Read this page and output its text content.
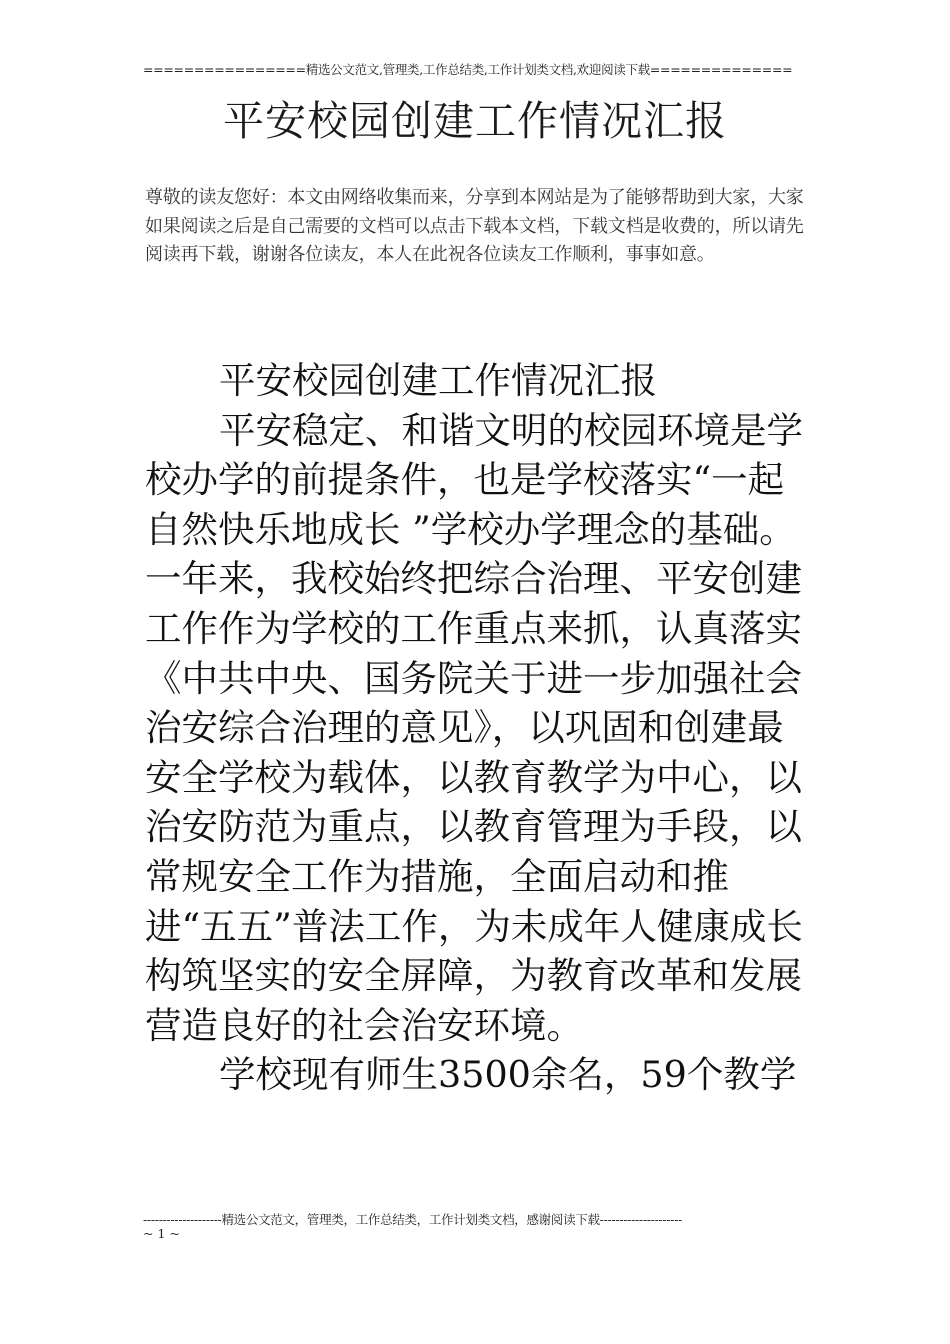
================精选公文范文,管理类,工作总结类,工作计划类文档,欢迎阅读下载==============
平安校园创建工作情况汇报
尊敬的读友您好：本文由网络收集而来，分享到本网站是为了能够帮助到大家，大家如果阅读之后是自己需要的文档可以点击下载本文档，下载文档是收费的，所以请先阅读再下载，谢谢各位读友，本人在此祝各位读友工作顺利，事事如意。

平安校园创建工作情况汇报

平安稳定、和谐文明的校园环境是学校办学的前提条件，也是学校落实“一起自然快乐地成长 ”学校办学理念的基础。一年来，我校始终把综合治理、平安创建工作作为学校的工作重点来抓，认真落实《中共中央、国务院关于进一步加强社会治安综合治理的意见》，以巩固和创建最安全学校为载体，以教育教学为中心，以治安防范为重点，以教育管理为手段，以常规安全工作为措施，全面启动和推进“五五”普法工作，为未成年人健康成长构筑坚实的安全屏障，为教育改革和发展营造良好的社会治安环境。

学校现有师生3500余名，59个教学

--------------------精选公文范文，管理类，工作总结类，工作计划类文档，感谢阅读下载---------------------
~ 1 ~
